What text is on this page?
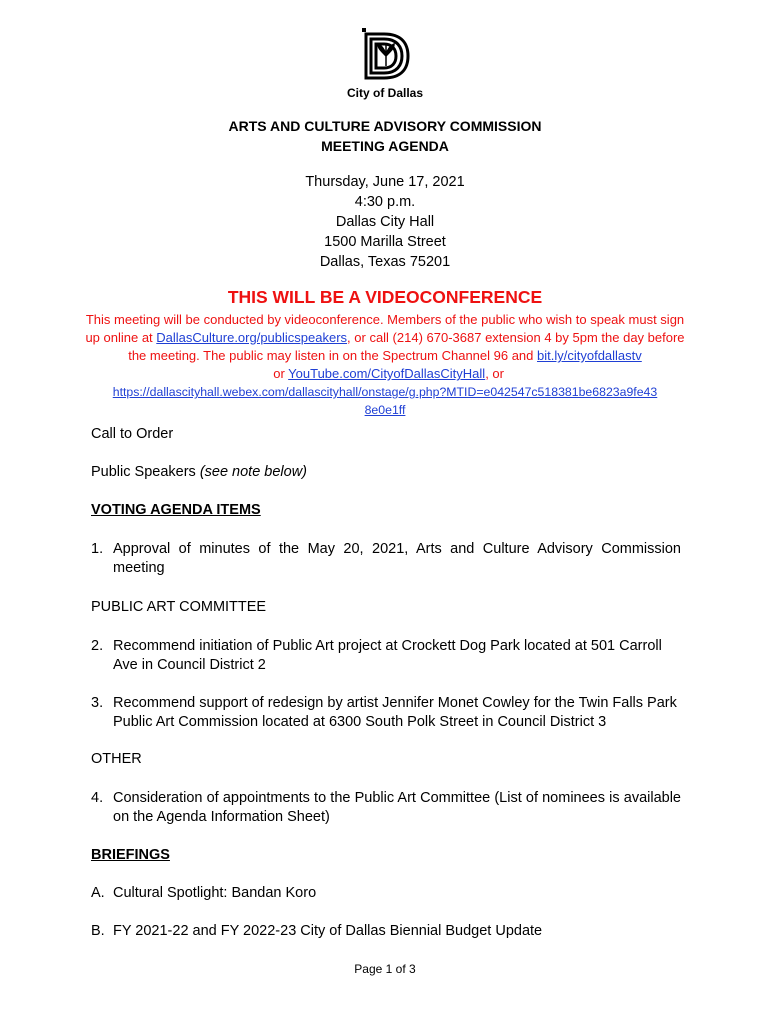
City of Dallas
ARTS AND CULTURE ADVISORY COMMISSION
MEETING AGENDA
Thursday, June 17, 2021
4:30 p.m.
Dallas City Hall
1500 Marilla Street
Dallas, Texas 75201
THIS WILL BE A VIDEOCONFERENCE
This meeting will be conducted by videoconference. Members of the public who wish to speak must sign up online at DallasCulture.org/publicspeakers, or call (214) 670-3687 extension 4 by 5pm the day before the meeting. The public may listen in on the Spectrum Channel 96 and bit.ly/cityofdallastv  or YouTube.com/CityofDallasCityHall, or
https://dallascityhall.webex.com/dallascityhall/onstage/g.php?MTID=e042547c518381be6823a9fe43
8e0e1ff
Call to Order
Public Speakers (see note below)
VOTING AGENDA ITEMS
1. Approval of minutes of the May 20, 2021, Arts and Culture Advisory Commission meeting
PUBLIC ART COMMITTEE
2. Recommend initiation of Public Art project at Crockett Dog Park located at 501 Carroll Ave in Council District 2
3. Recommend support of redesign by artist Jennifer Monet Cowley for the Twin Falls Park Public Art Commission located at 6300 South Polk Street in Council District 3
OTHER
4. Consideration of appointments to the Public Art Committee (List of nominees is available on the Agenda Information Sheet)
BRIEFINGS
A. Cultural Spotlight: Bandan Koro
B. FY 2021-22 and FY 2022-23 City of Dallas Biennial Budget Update
Page 1 of 3
